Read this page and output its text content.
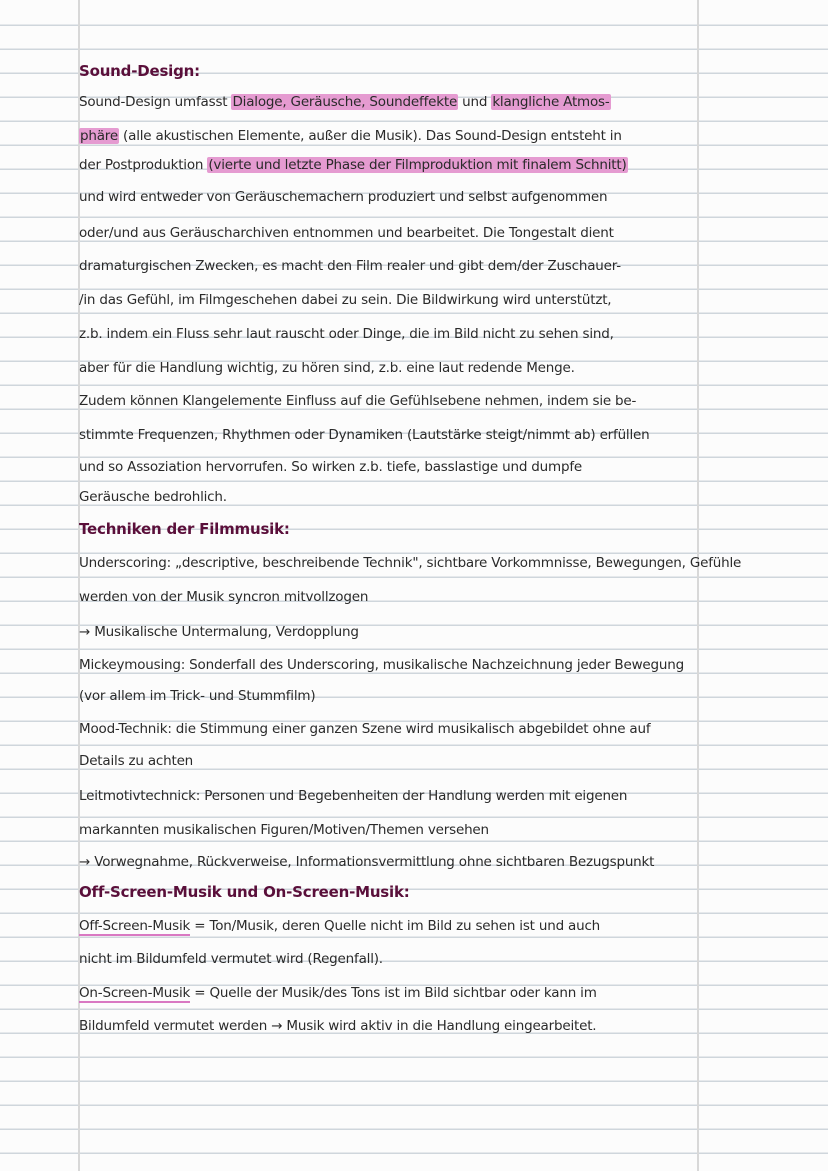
Sound-Design:
Sound-Design umfasst Dialoge, Geräusche, Soundeffekte und klangliche Atmos-
phäre (alle akustischen Elemente, außer die Musik). Das Sound-Design entsteht in
der Postproduktion (vierte und letzte Phase der Filmproduktion mit finalem Schnitt)
und wird entweder von Geräuschemachern produziert und selbst aufgenommen
oder/und aus Geräuscharchiven entnommen und bearbeitet. Die Tongestalt dient
dramaturgischen Zwecken, es macht den Film realer und gibt dem/der Zuschauer-
/in das Gefühl, im Filmgeschehen dabei zu sein. Die Bildwirkung wird unterstützt,
z.b. indem ein Fluss sehr laut rauscht oder Dinge, die im Bild nicht zu sehen sind,
aber für die Handlung wichtig, zu hören sind, z.b. eine laut redende Menge.
Zudem können Klangelemente Einfluss auf die Gefühlsebene nehmen, indem sie be-
stimmte Frequenzen, Rhythmen oder Dynamiken (Lautstärke steigt/nimmt ab) erfüllen
und so Assoziation hervorrufen. So wirken z.b. tiefe, basslastige und dumpfe
Geräusche bedrohlich.
Techniken der Filmmusik:
Underscoring: „descriptive, beschreibende Technik", sichtbare Vorkommnisse, Bewegungen, Gefühle
werden von der Musik syncron mitvollzogen
→ Musikalische Untermalung, Verdopplung
Mickeymousing: Sonderfall des Underscoring, musikalische Nachzeichnung jeder Bewegung
(vor allem im Trick- und Stummfilm)
Mood-Technik: die Stimmung einer ganzen Szene wird musikalisch abgebildet ohne auf
Details zu achten
Leitmotivtechnick: Personen und Begebenheiten der Handlung werden mit eigenen
markannten musikalischen Figuren/Motiven/Themen versehen
→ Vorwegnahme, Rückverweise, Informationsvermittlung ohne sichtbaren Bezugspunkt
Off-Screen-Musik und On-Screen-Musik:
Off-Screen-Musik = Ton/Musik, deren Quelle nicht im Bild zu sehen ist und auch
nicht im Bildumfeld vermutet wird (Regenfall).
On-Screen-Musik = Quelle der Musik/des Tons ist im Bild sichtbar oder kann im
Bildumfeld vermutet werden → Musik wird aktiv in die Handlung eingearbeitet.
